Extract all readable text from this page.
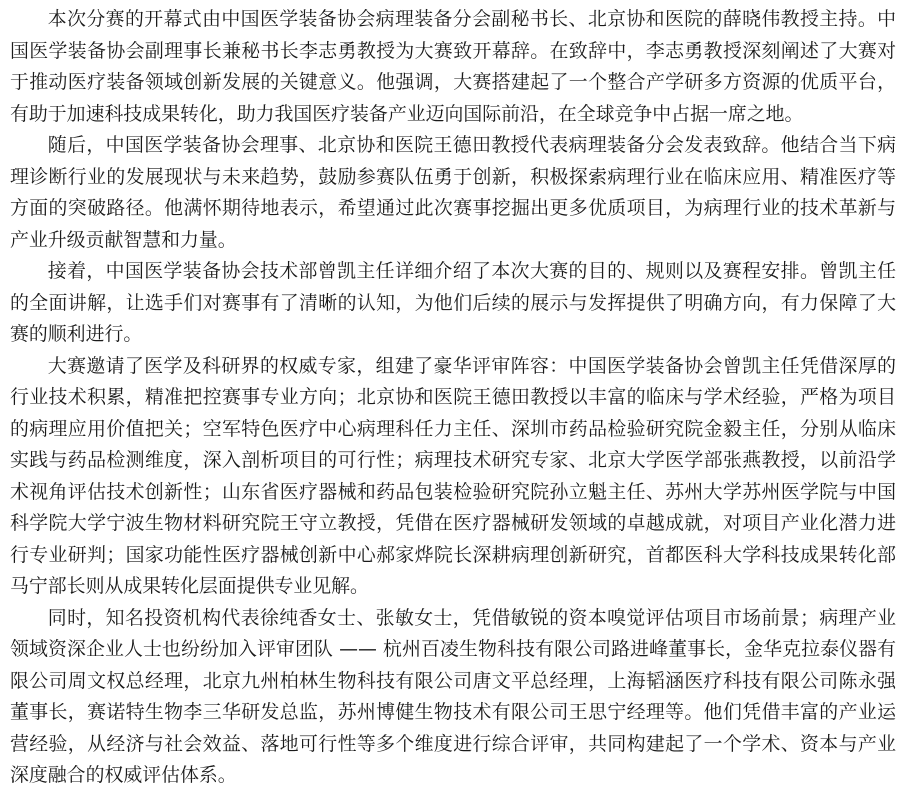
本次分赛的开幕式由中国医学装备协会病理装备分会副秘书长、北京协和医院的薛晓伟教授主持。中国医学装备协会副理事长兼秘书长李志勇教授为大赛致开幕辞。在致辞中，李志勇教授深刻阐述了大赛对于推动医疗装备领域创新发展的关键意义。他强调，大赛搭建起了一个整合产学研多方资源的优质平台，有助于加速科技成果转化，助力我国医疗装备产业迈向国际前沿，在全球竞争中占据一席之地。

随后，中国医学装备协会理事、北京协和医院王德田教授代表病理装备分会发表致辞。他结合当下病理诊断行业的发展现状与未来趋势，鼓励参赛队伍勇于创新，积极探索病理行业在临床应用、精准医疗等方面的突破路径。他满怀期待地表示，希望通过此次赛事挖掘出更多优质项目，为病理行业的技术革新与产业升级贡献智慧和力量。

接着，中国医学装备协会技术部曾凯主任详细介绍了本次大赛的目的、规则以及赛程安排。曾凯主任的全面讲解，让选手们对赛事有了清晰的认知，为他们后续的展示与发挥提供了明确方向，有力保障了大赛的顺利进行。

大赛邀请了医学及科研界的权威专家，组建了豪华评审阵容：中国医学装备协会曾凯主任凭借深厚的行业技术积累，精准把控赛事专业方向；北京协和医院王德田教授以丰富的临床与学术经验，严格为项目的病理应用价值把关；空军特色医疗中心病理科任力主任、深圳市药品检验研究院金毅主任，分别从临床实践与药品检测维度，深入剖析项目的可行性；病理技术研究专家、北京大学医学部张燕教授，以前沿学术视角评估技术创新性；山东省医疗器械和药品包装检验研究院孙立魁主任、苏州大学苏州医学院与中国科学院大学宁波生物材料研究院王守立教授，凭借在医疗器械研发领域的卓越成就，对项目产业化潜力进行专业研判；国家功能性医疗器械创新中心郝家烨院长深耕病理创新研究，首都医科大学科技成果转化部马宁部长则从成果转化层面提供专业见解。

同时，知名投资机构代表徐纯香女士、张敏女士，凭借敏锐的资本嗅觉评估项目市场前景；病理产业领域资深企业人士也纷纷加入评审团队 —— 杭州百凌生物科技有限公司路进峰董事长，金华克拉泰仪器有限公司周文权总经理，北京九州柏林生物科技有限公司唐文平总经理，上海韬涵医疗科技有限公司陈永强董事长，赛诺特生物李三华研发总监，苏州博健生物技术有限公司王思宁经理等。他们凭借丰富的产业运营经验，从经济与社会效益、落地可行性等多个维度进行综合评审，共同构建起了一个学术、资本与产业深度融合的权威评估体系。
